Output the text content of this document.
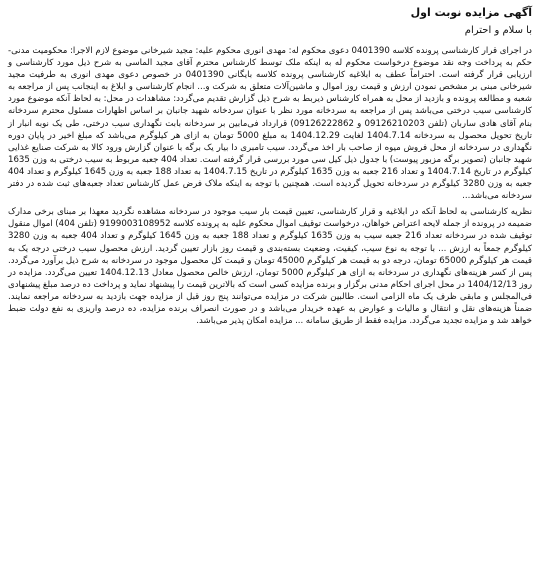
آگهی مزایده نوبت اول
با سلام و احترام

در اجرای قرار کارشناسی پرونده کلاسه 0401390 دعوی محکوم له: مهدی انوری محکوم علیه: مجید شیرخانی موضوع لازم الاجرا: محکومیت مدنی- حکم به پرداخت وجه نقد موضوع درخواست محکوم له به اینکه ملک توسط کارشناس محترم آقای مجید الماسی به شرح ذیل مورد کارشناسی و ارزیابی قرار گرفته است. احتراماً عطف به ابلاغیه کارشناسی پرونده کلاسه بایگانی 0401390 در خصوص دعوی مهدی انوری به طرفیت مجید شیرخانی مبنی بر مشخص نمودن ارزش و قیمت روز اموال و ماشین‌آلات متعلق به شرکت و... انجام کارشناسی و ابلاغ به اینجانب پس از مراجعه به شعبه و مطالعه پرونده و بازدید از محل به همراه کارشناس ذیربط به شرح ذیل گزارش تقدیم می‌گردد: مشاهدات در محل: به لحاظ آنکه موضوع مورد کارشناسی سیب درختی می‌باشد پس از مراجعه به سردخانه مورد نظر با عنوان سردخانه شهید جانبان بر اساس اظهارات مسئول محترم سردخانه بنام آقای هادی ساربان (تلفن 09126210203 و 09126222862) قرارداد فی‌مابین بر سردخانه بابت نگهداری سیب درختی، طی یک نوبه انبار از تاریخ تحویل محصول به سردخانه 1404.7.14 لغایت 1404.12.29 به مبلغ 5000 تومان به ازای هر کیلوگرم می‌باشد که مبلغ اخیر در پایان دوره نگهداری در سردخانه از محل فروش میوه از صاحب بار اخذ می‌گردد. سیب تامبری دا بیار یک برگه با عنوان گزارش ورود کالا به شرکت صنایع غذایی شهید جانبان (تصویر برگه مزبور پیوست) با جدول ذیل کیل سی مورد بررسی قرار گرفته است. تعداد 404 جعبه مربوط به سیب درختی به وزن 1635 کیلوگرم در تاریخ 1404.7.14 و تعداد 216 جعبه به وزن 1635 کیلوگرم در تاریخ 1404.7.15 به تعداد 188 جعبه به وزن 1645 کیلوگرم و تعداد 404 جعبه به وزن 3280 کیلوگرم در سردخانه تحویل گردیده است. همچنین با توجه به اینکه ملاک فرض عمل کارشناس تعداد جعبه‌های ثبت شده در دفتر سردخانه می‌باشد...

نظریه کارشناسی به لحاظ آنکه در ابلاغیه و قرار کارشناسی، تعیین قیمت بار سیب موجود در سردخانه مشاهده نگردید معهذا بر مبنای برخی مدارک ضمیمه در پرونده از جمله لایحه اعتراض خواهان، درخواست توقیف اموال محکوم علیه به پرونده کلاسه 9199003108952 (تلفن 404) اموال منقول توقیف شده در سردخانه تعداد 216 جعبه سیب به وزن 1635 کیلوگرم و تعداد 188 جعبه به وزن 1645 کیلوگرم و تعداد 404 جعبه به وزن 3280 کیلوگرم جمعاً به ارزش ... با توجه به نوع سیب، کیفیت، وضعیت بسته‌بندی و قیمت روز بازار تعیین گردید. ارزش محصول سیب درختی درجه یک به قیمت هر کیلوگرم 65000 تومان، درجه دو به قیمت هر کیلوگرم 45000 تومان و قیمت کل محصول موجود در سردخانه به شرح ذیل برآورد می‌گردد. پس از کسر هزینه‌های نگهداری در سردخانه به ازای هر کیلوگرم 5000 تومان، ارزش خالص محصول معادل 1404.12.13 تعیین می‌گردد. مزایده در روز 1404/12/13 در محل اجرای احکام مدنی برگزار و برنده مزایده کسی است که بالاترین قیمت را پیشنهاد نماید و پرداخت ده درصد مبلغ پیشنهادی فی‌المجلس و مابقی ظرف یک ماه الزامی است. طالبین شرکت در مزایده می‌توانند پنج روز قبل از مزایده جهت بازدید به سردخانه مراجعه نمایند. ضمناً هزینه‌های نقل و انتقال و مالیات و عوارض به عهده خریدار می‌باشد و در صورت انصراف برنده مزایده، ده درصد واریزی به نفع دولت ضبط خواهد شد و مزایده تجدید می‌گردد. مزایده فقط از طریق سامانه ... مزایده امکان پذیر می‌باشد.
